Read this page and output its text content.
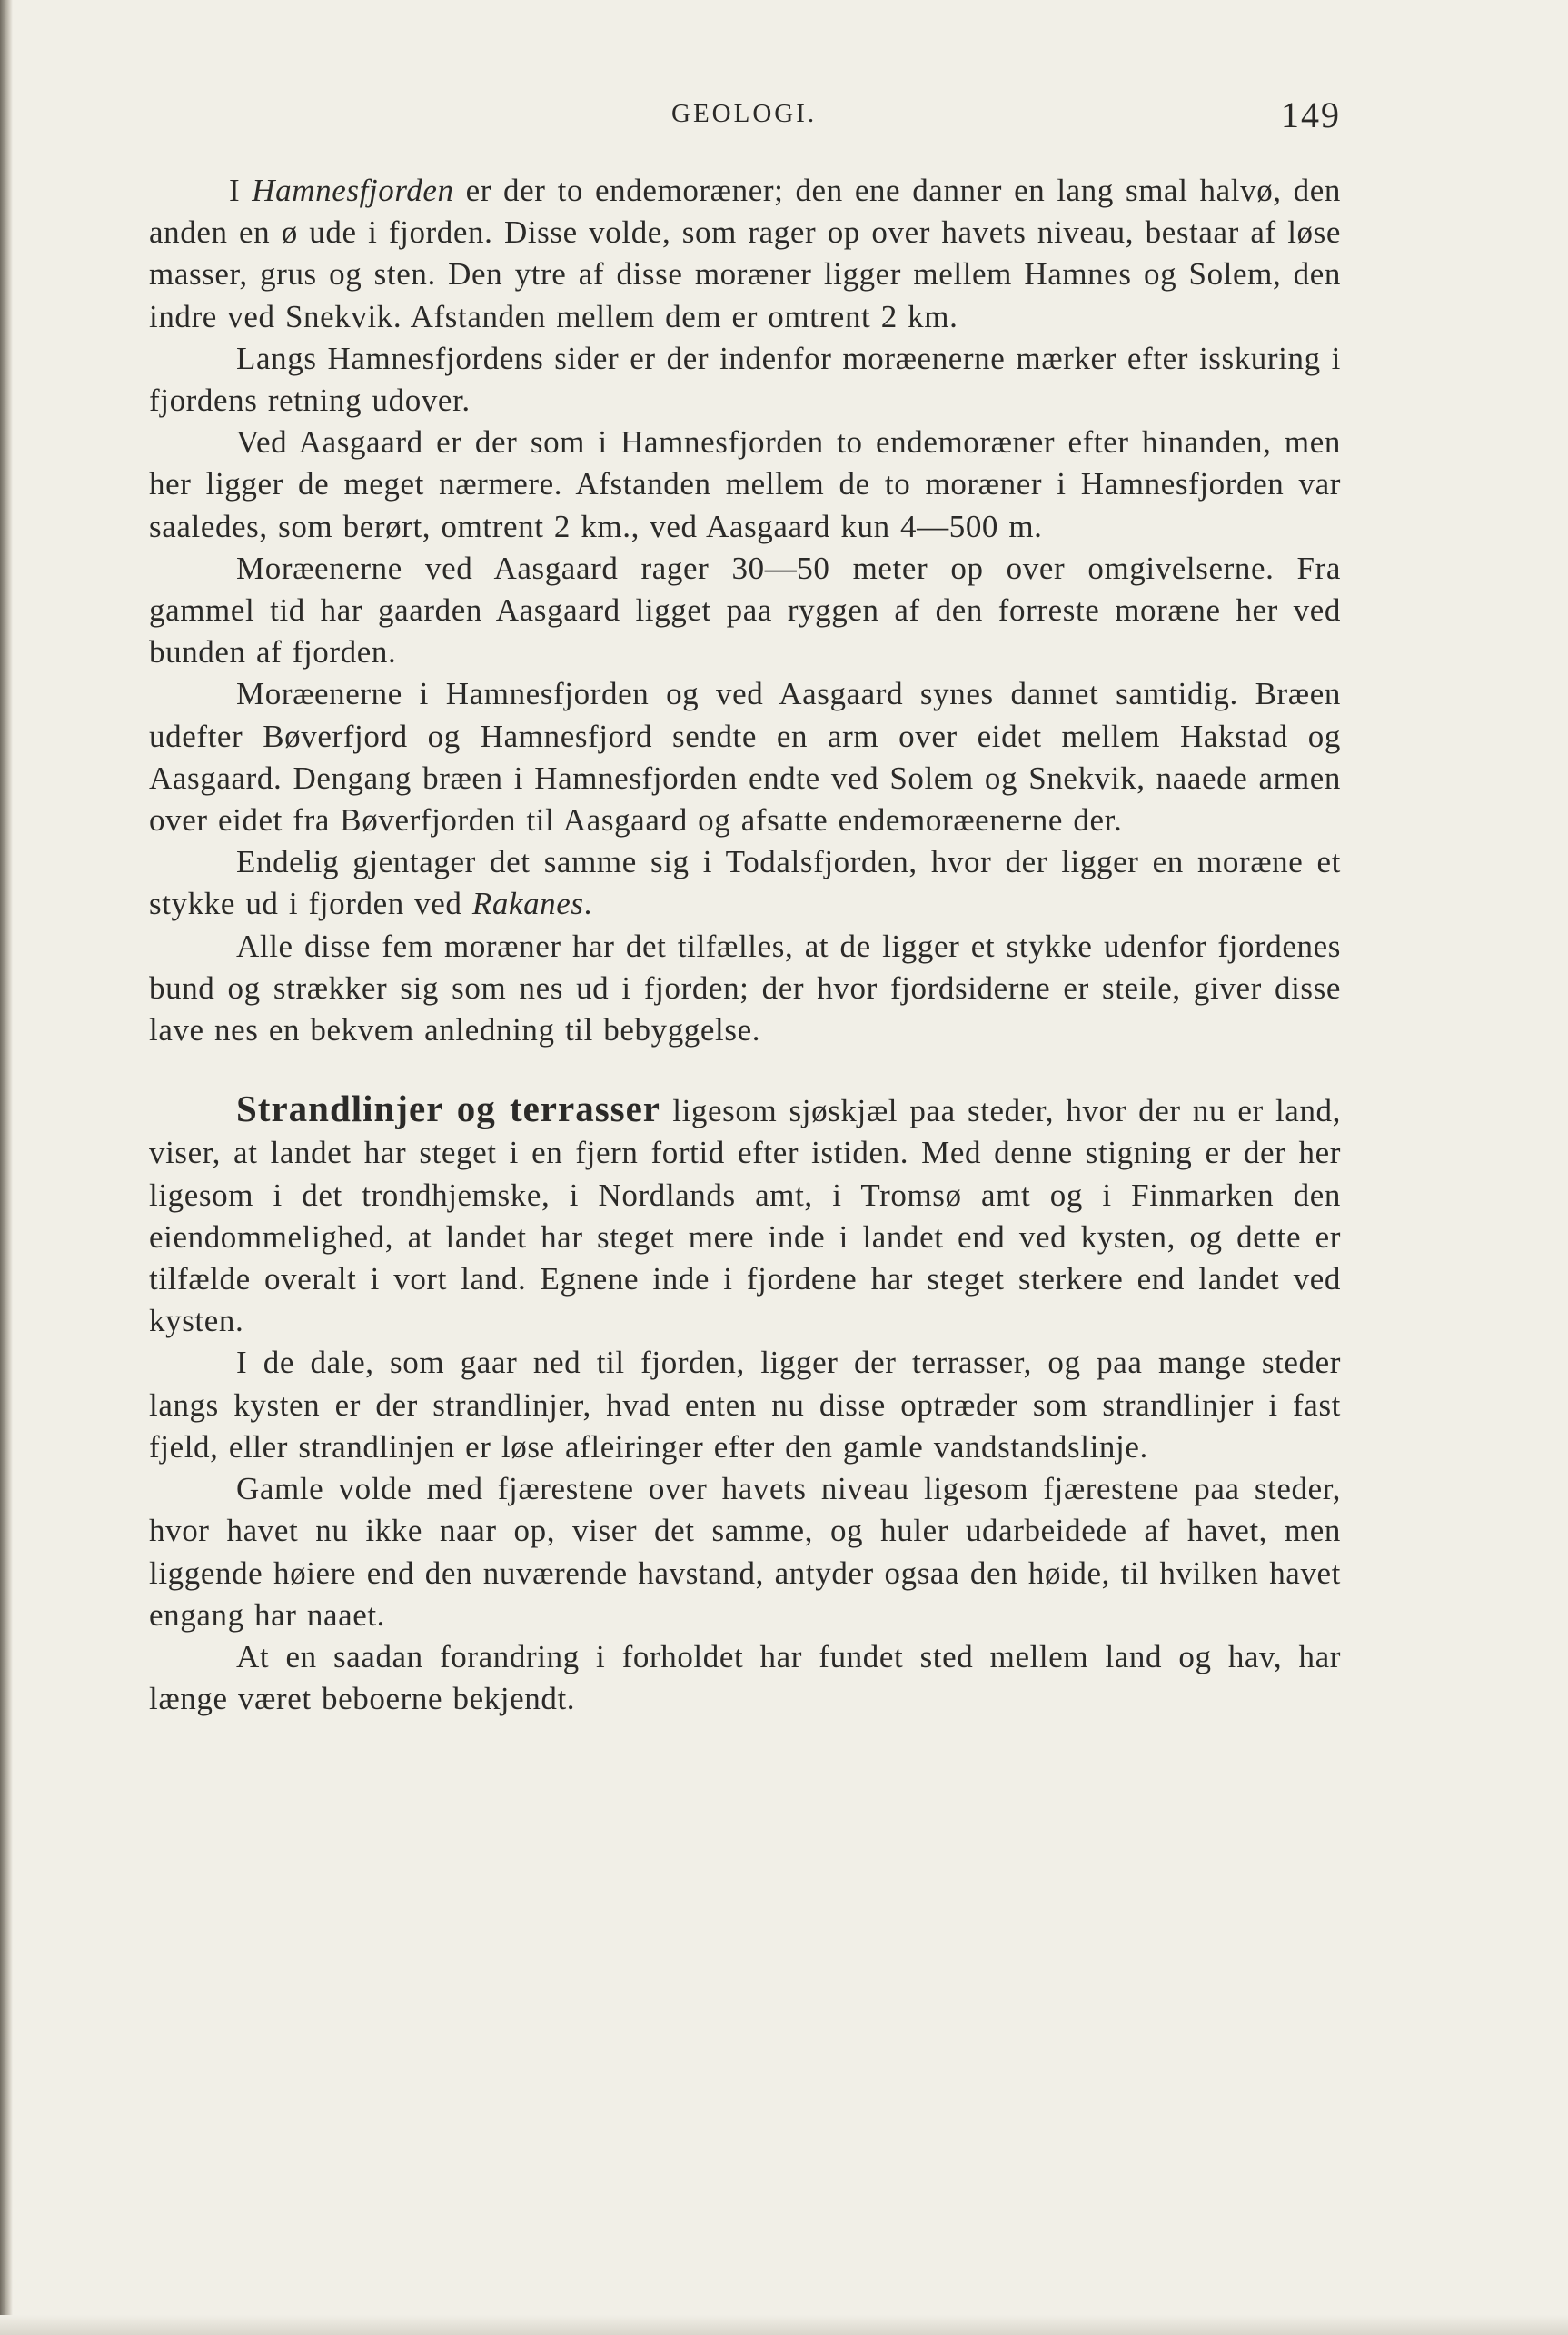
GEOLOGI.	149

I Hamnesfjorden er der to endemoræner; den ene danner en lang smal halvø, den anden en ø ude i fjorden. Disse volde, som rager op over havets niveau, bestaar af løse masser, grus og sten. Den ytre af disse moræner ligger mellem Hamnes og Solem, den indre ved Snekvik. Afstanden mellem dem er omtrent 2 km.

Langs Hamnesfjordens sider er der indenfor moræenerne mærker efter isskuring i fjordens retning udover.

Ved Aasgaard er der som i Hamnesfjorden to endemoræner efter hinanden, men her ligger de meget nærmere. Afstanden mellem de to moræner i Hamnesfjorden var saaledes, som berørt, omtrent 2 km., ved Aasgaard kun 4—500 m.

Moræenerne ved Aasgaard rager 30—50 meter op over omgivelserne. Fra gammel tid har gaarden Aasgaard ligget paa ryggen af den forreste moræne her ved bunden af fjorden.

Moræenerne i Hamnesfjorden og ved Aasgaard synes dannet samtidig. Bræen udefter Bøverfjord og Hamnesfjord sendte en arm over eidet mellem Hakstad og Aasgaard. Dengang bræen i Hamnesfjorden endte ved Solem og Snekvik, naaede armen over eidet fra Bøverfjorden til Aasgaard og afsatte endemoræenerne der.

Endelig gjentager det samme sig i Todalsfjorden, hvor der ligger en moræne et stykke ud i fjorden ved Rakanes.

Alle disse fem moræner har det tilfælles, at de ligger et stykke udenfor fjordenes bund og strækker sig som nes ud i fjorden; der hvor fjordsiderne er steile, giver disse lave nes en bekvem anledning til bebyggelse.

Strandlinjer og terrasser ligesom sjøskjæl paa steder, hvor der nu er land, viser, at landet har steget i en fjern fortid efter istiden. Med denne stigning er der her ligesom i det trondhjemske, i Nordlands amt, i Tromsø amt og i Finmarken den eiendommelighed, at landet har steget mere inde i landet end ved kysten, og dette er tilfælde overalt i vort land. Egnene inde i fjordene har steget sterkere end landet ved kysten.

I de dale, som gaar ned til fjorden, ligger der terrasser, og paa mange steder langs kysten er der strandlinjer, hvad enten nu disse optræder som strandlinjer i fast fjeld, eller strandlinjen er løse afleiringer efter den gamle vandstandslinje.

Gamle volde med fjærestene over havets niveau ligesom fjærestene paa steder, hvor havet nu ikke naar op, viser det samme, og huler udarbeidede af havet, men liggende høiere end den nuværende havstand, antyder ogsaa den høide, til hvilken havet engang har naaet.

At en saadan forandring i forholdet har fundet sted mellem land og hav, har længe været beboerne bekjendt.
